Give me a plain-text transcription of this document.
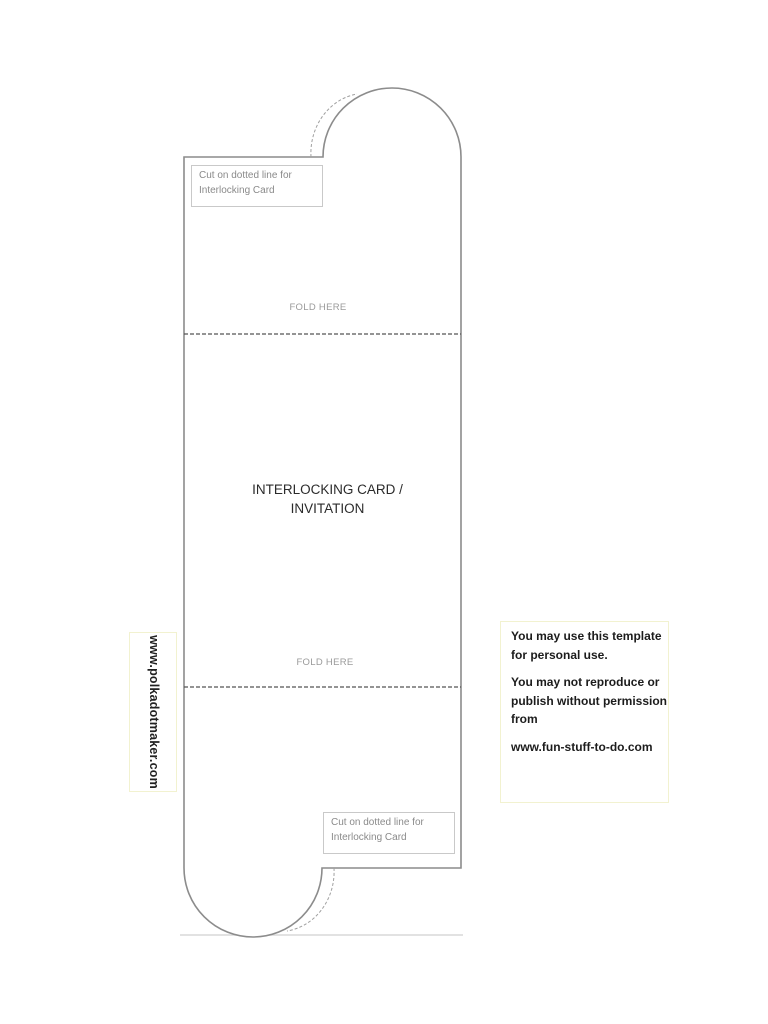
Cut on dotted line for Interlocking Card
FOLD HERE
INTERLOCKING CARD /
INVITATION
FOLD HERE
Cut on dotted line for Interlocking Card
www.polkadotmaker.com	You may use this template for personal use.

You may not reproduce or publish without permission from

www.fun-stuff-to-do.com
